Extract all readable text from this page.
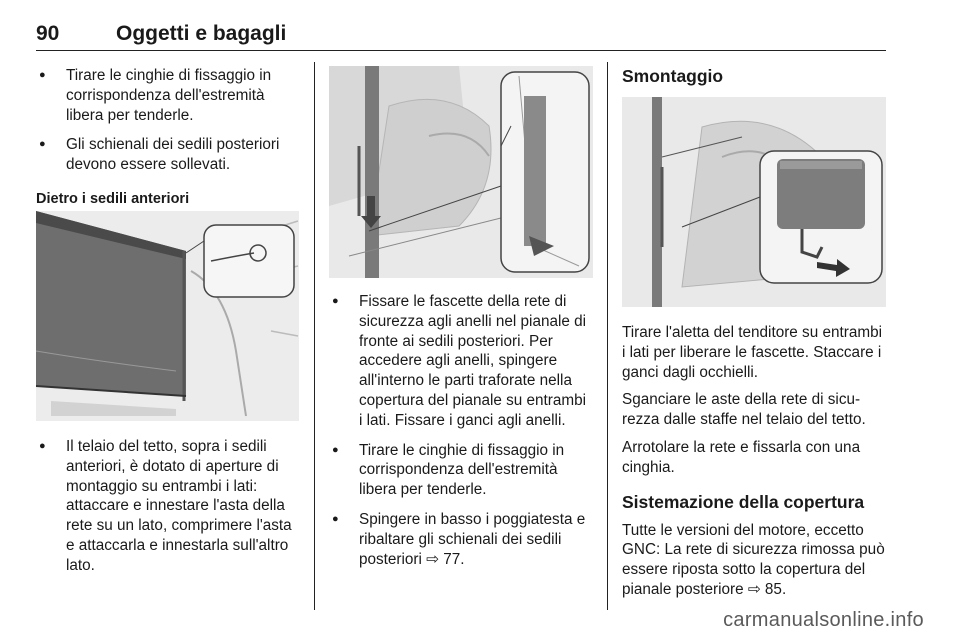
90	Oggetti e bagagli
● Tirare le cinghie di fissaggio in corrispondenza dell'estremità libera per tenderle.
● Gli schienali dei sedili posteriori devono essere sollevati.
Dietro i sedili anteriori
● Il telaio del tetto, sopra i sedili anteriori, è dotato di aperture di montaggio su entrambi i lati: attaccare e innestare l'asta della rete su un lato, comprimere l'asta e attaccarla e innestarla sull'altro lato.
● Fissare le fascette della rete di sicurezza agli anelli nel pianale di fronte ai sedili posteriori. Per accedere agli anelli, spingere all'interno le parti traforate nella copertura del pianale su entrambi i lati. Fissare i ganci agli anelli.
● Tirare le cinghie di fissaggio in corrispondenza dell'estremità libera per tenderle.
● Spingere in basso i poggiatesta e ribaltare gli schienali dei sedili posteriori ⇨ 77.
Smontaggio

Tirare l'aletta del tenditore su entrambi i lati per liberare le fascette. Staccare i ganci dagli occhielli.

Sganciare le aste della rete di sicu- rezza dalle staffe nel telaio del tetto.

Arrotolare la rete e fissarla con una cinghia.

Sistemazione della copertura

Tutte le versioni del motore, eccetto GNC: La rete di sicurezza rimossa può essere riposta sotto la copertura del pianale posteriore ⇨ 85.

carmanualsonline.info
